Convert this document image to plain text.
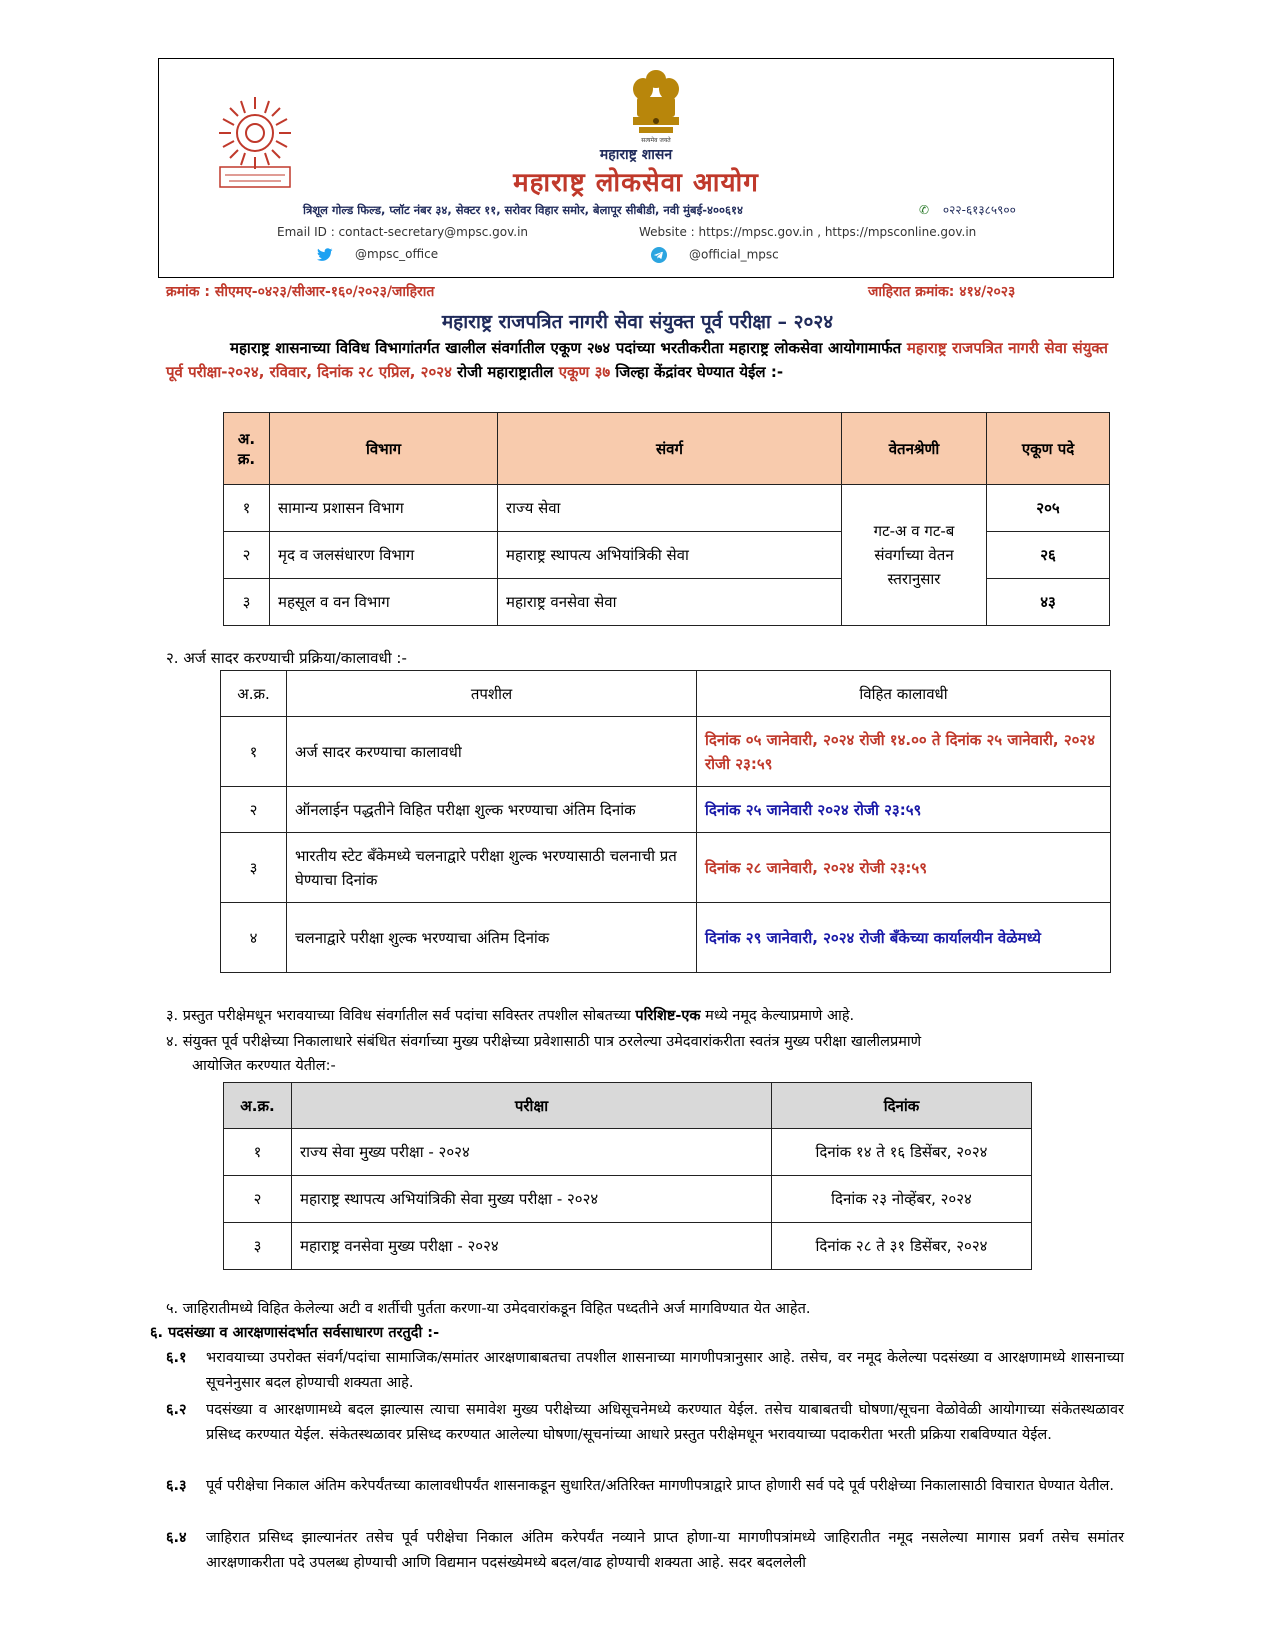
सत्यमेव जयते
महाराष्ट्र शासन
महाराष्ट्र लोकसेवा आयोग
त्रिशूल गोल्ड फिल्ड, प्लॉट नंबर ३४, सेक्टर ११, सरोवर विहार समोर, बेलापूर सीबीडी, नवी मुंबई-४००६१४	✆ ०२२-६१३८५९००
Email ID : contact-secretary@mpsc.gov.in	Website : https://mpsc.gov.in , https://mpsconline.gov.in
@mpsc_office	@official_mpsc
क्रमांक : सीएमए-०४२३/सीआर-१६०/२०२३/जाहिरात	जाहिरात क्रमांक: ४१४/२०२३
महाराष्ट्र राजपत्रित नागरी सेवा संयुक्त पूर्व परीक्षा – २०२४
महाराष्ट्र शासनाच्या विविध विभागांतर्गत खालील संवर्गातील एकूण २७४ पदांच्या भरतीकरीता महाराष्ट्र लोकसेवा आयोगामार्फत महाराष्ट्र राजपत्रित नागरी सेवा संयुक्त पूर्व परीक्षा-२०२४, रविवार, दिनांक २८ एप्रिल, २०२४ रोजी महाराष्ट्रातील एकूण ३७ जिल्हा केंद्रांवर घेण्यात येईल :-
अ. क्र.	विभाग	संवर्ग	वेतनश्रेणी	एकूण पदे
१	सामान्य प्रशासन विभाग	राज्य सेवा	गट-अ व गट-ब संवर्गाच्या वेतन स्तरानुसार	२०५
२	मृद व जलसंधारण विभाग	महाराष्ट्र स्थापत्य अभियांत्रिकी सेवा		२६
३	महसूल व वन विभाग	महाराष्ट्र वनसेवा सेवा		४३
२. अर्ज सादर करण्याची प्रक्रिया/कालावधी :-
अ.क्र.	तपशील	विहित कालावधी
१	अर्ज सादर करण्याचा कालावधी	दिनांक ०५ जानेवारी, २०२४ रोजी १४.०० ते दिनांक २५ जानेवारी, २०२४ रोजी २३:५९
२	ऑनलाईन पद्धतीने विहित परीक्षा शुल्क भरण्याचा अंतिम दिनांक	दिनांक २५ जानेवारी २०२४ रोजी २३:५९
३	भारतीय स्टेट बँकेमध्ये चलनाद्वारे परीक्षा शुल्क भरण्यासाठी चलनाची प्रत घेण्याचा दिनांक	दिनांक २८ जानेवारी, २०२४ रोजी २३:५९
४	चलनाद्वारे परीक्षा शुल्क भरण्याचा अंतिम दिनांक	दिनांक २९ जानेवारी, २०२४ रोजी बँकेच्या कार्यालयीन वेळेमध्ये
३. प्रस्तुत परीक्षेमधून भरावयाच्या विविध संवर्गातील सर्व पदांचा सविस्तर तपशील सोबतच्या परिशिष्ट-एक मध्ये नमूद केल्याप्रमाणे आहे.
४. संयुक्त पूर्व परीक्षेच्या निकालाधारे संबंधित संवर्गाच्या मुख्य परीक्षेच्या प्रवेशासाठी पात्र ठरलेल्या उमेदवारांकरीता स्वतंत्र मुख्य परीक्षा खालीलप्रमाणे
आयोजित करण्यात येतील:-
अ.क्र.	परीक्षा	दिनांक
१	राज्य सेवा मुख्य परीक्षा - २०२४	दिनांक १४ ते १६ डिसेंबर, २०२४
२	महाराष्ट्र स्थापत्य अभियांत्रिकी सेवा मुख्य परीक्षा - २०२४	दिनांक २३ नोव्हेंबर, २०२४
३	महाराष्ट्र वनसेवा मुख्य परीक्षा - २०२४	दिनांक २८ ते ३१ डिसेंबर, २०२४
५. जाहिरातीमध्ये विहित केलेल्या अटी व शर्तीची पुर्तता करणा-या उमेदवारांकडून विहित पध्दतीने अर्ज मागविण्यात येत आहेत.
६. पदसंख्या व आरक्षणासंदर्भात सर्वसाधारण तरतुदी :-
६.१ भरावयाच्या उपरोक्त संवर्ग/पदांचा सामाजिक/समांतर आरक्षणाबाबतचा तपशील शासनाच्या मागणीपत्रानुसार आहे. तसेच, वर नमूद केलेल्या पदसंख्या व आरक्षणामध्ये शासनाच्या सूचनेनुसार बदल होण्याची शक्यता आहे.
६.२ पदसंख्या व आरक्षणामध्ये बदल झाल्यास त्याचा समावेश मुख्य परीक्षेच्या अधिसूचनेमध्ये करण्यात येईल. तसेच याबाबतची घोषणा/सूचना वेळोवेळी आयोगाच्या संकेतस्थळावर प्रसिध्द करण्यात येईल. संकेतस्थळावर प्रसिध्द करण्यात आलेल्या घोषणा/सूचनांच्या आधारे प्रस्तुत परीक्षेमधून भरावयाच्या पदाकरीता भरती प्रक्रिया राबविण्यात येईल.
६.३ पूर्व परीक्षेचा निकाल अंतिम करेपर्यंतच्या कालावधीपर्यंत शासनाकडून सुधारित/अतिरिक्त मागणीपत्राद्वारे प्राप्त होणारी सर्व पदे पूर्व परीक्षेच्या निकालासाठी विचारात घेण्यात येतील.
६.४ जाहिरात प्रसिध्द झाल्यानंतर तसेच पूर्व परीक्षेचा निकाल अंतिम करेपर्यंत नव्याने प्राप्त होणा-या मागणीपत्रांमध्ये जाहिरातीत नमूद नसलेल्या मागास प्रवर्ग तसेच समांतर आरक्षणाकरीता पदे उपलब्ध होण्याची आणि विद्यमान पदसंख्येमध्ये बदल/वाढ होण्याची शक्यता आहे. सदर बदललेली
